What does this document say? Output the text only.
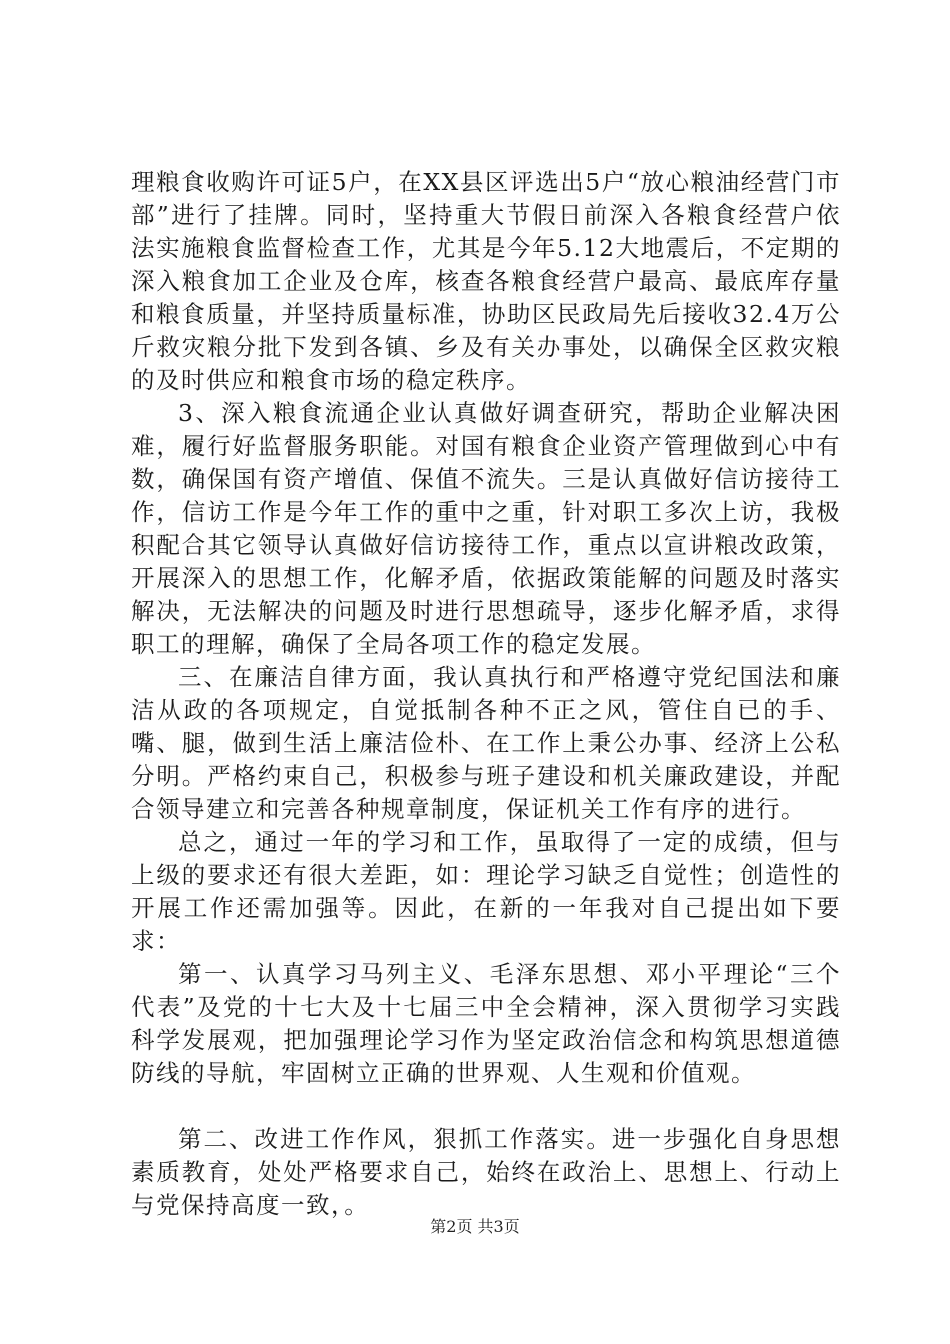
理粮食收购许可证5户，在XX县区评选出5户“放心粮油经营门市部”进行了挂牌。同时，坚持重大节假日前深入各粮食经营户依法实施粮食监督检查工作，尤其是今年5.12大地震后，不定期的深入粮食加工企业及仓库，核查各粮食经营户最高、最底库存量和粮食质量，并坚持质量标准，协助区民政局先后接收32.4万公斤救灾粮分批下发到各镇、乡及有关办事处，以确保全区救灾粮的及时供应和粮食市场的稳定秩序。

3、深入粮食流通企业认真做好调查研究，帮助企业解决困难，履行好监督服务职能。对国有粮食企业资产管理做到心中有数，确保国有资产增值、保值不流失。三是认真做好信访接待工作，信访工作是今年工作的重中之重，针对职工多次上访，我极积配合其它领导认真做好信访接待工作，重点以宣讲粮改政策，开展深入的思想工作，化解矛盾，依据政策能解的问题及时落实解决，无法解决的问题及时进行思想疏导，逐步化解矛盾，求得职工的理解，确保了全局各项工作的稳定发展。

三、在廉洁自律方面，我认真执行和严格遵守党纪国法和廉洁从政的各项规定，自觉抵制各种不正之风，管住自已的手、嘴、腿，做到生活上廉洁俭朴、在工作上秉公办事、经济上公私分明。严格约束自己，积极参与班子建设和机关廉政建设，并配合领导建立和完善各种规章制度，保证机关工作有序的进行。

总之，通过一年的学习和工作，虽取得了一定的成绩，但与上级的要求还有很大差距，如：理论学习缺乏自觉性；创造性的开展工作还需加强等。因此，在新的一年我对自己提出如下要求：

第一、认真学习马列主义、毛泽东思想、邓小平理论“三个代表”及党的十七大及十七届三中全会精神，深入贯彻学习实践科学发展观，把加强理论学习作为坚定政治信念和构筑思想道德防线的导航，牢固树立正确的世界观、人生观和价值观。

第二、改进工作作风，狠抓工作落实。进一步强化自身思想素质教育，处处严格要求自己，始终在政治上、思想上、行动上与党保持高度一致，。

第2页 共3页
